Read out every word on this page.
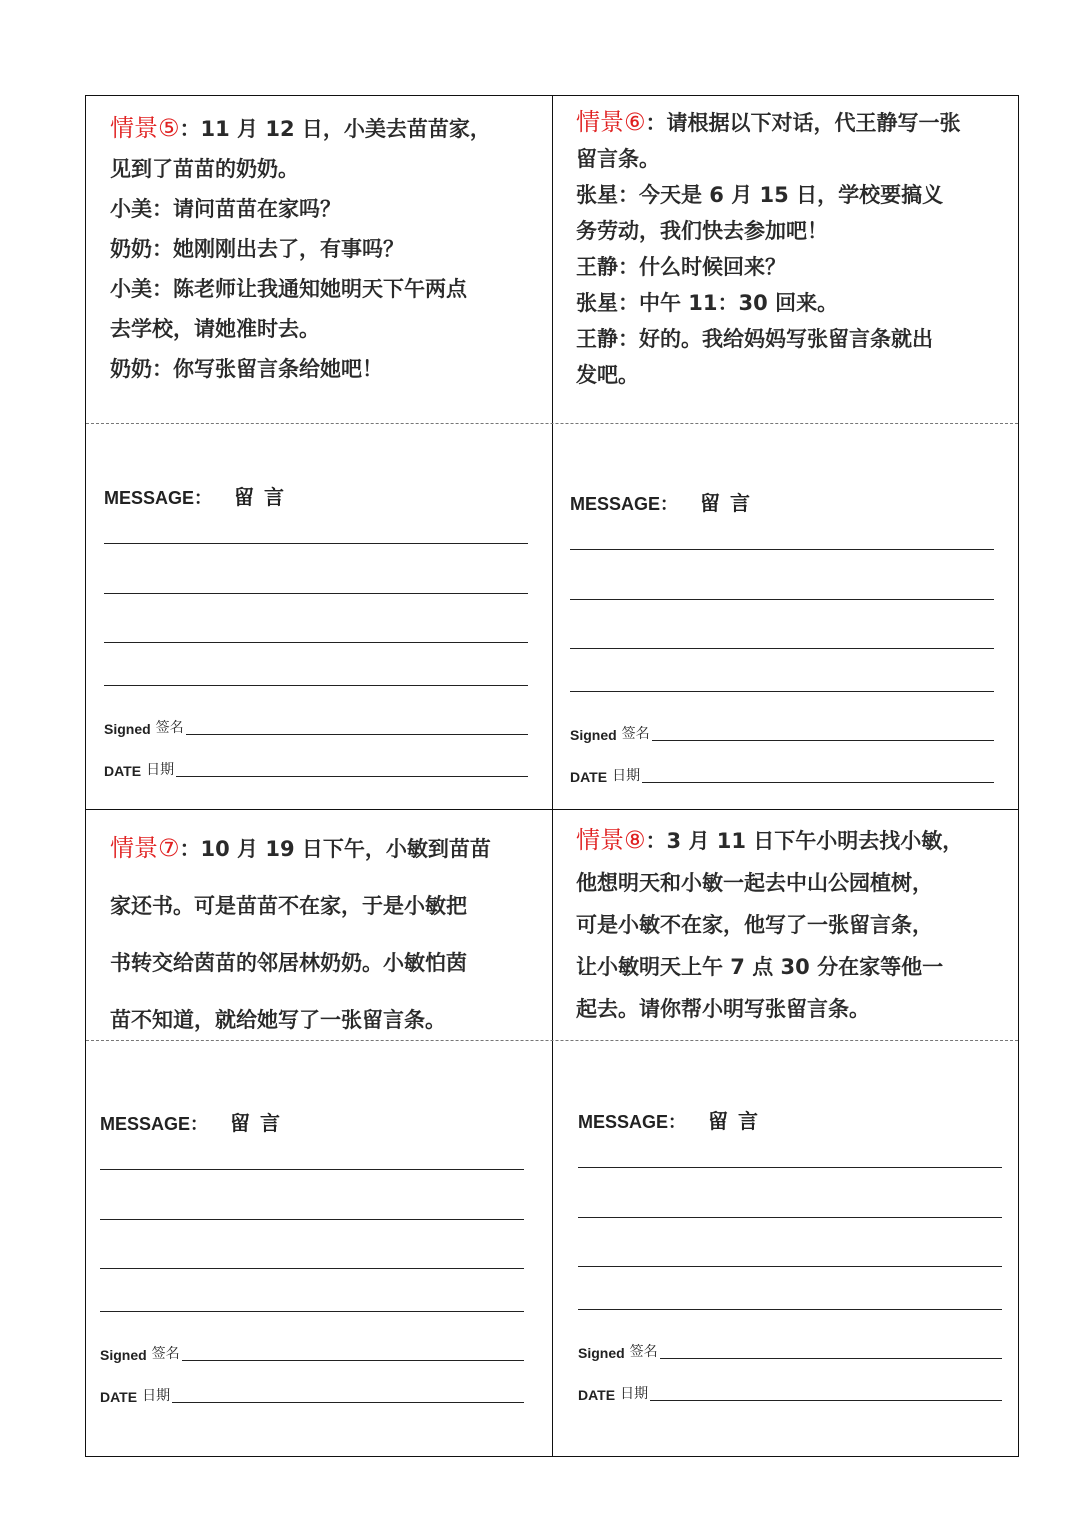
情景⑤：11 月 12 日，小美去苗苗家，

见到了苗苗的奶奶。

小美：请问苗苗在家吗？

奶奶：她刚刚出去了，有事吗？

小美：陈老师让我通知她明天下午两点

去学校，请她准时去。

奶奶：你写张留言条给她吧！

情景⑥：请根据以下对话，代王静写一张

留言条。

张星：今天是 6 月 15 日，学校要搞义

务劳动，我们快去参加吧！

王静：什么时候回来？

张星：中午 11：30 回来。

王静：好的。我给妈妈写张留言条就出

发吧。

情景⑦：10 月 19 日下午，小敏到苗苗

家还书。可是苗苗不在家，于是小敏把

书转交给茵苗的邻居林奶奶。小敏怕茵

苗不知道，就给她写了一张留言条。

情景⑧：3 月 11 日下午小明去找小敏，

他想明天和小敏一起去中山公园植树，

可是小敏不在家，他写了一张留言条，

让小敏明天上午 7 点 30 分在家等他一

起去。请你帮小明写张留言条。

MESSAGE： 留言
Signed 签名
DATE 日期
MESSAGE： 留言
Signed 签名
DATE 日期
MESSAGE： 留言
Signed 签名
DATE 日期
MESSAGE： 留言
Signed 签名
DATE 日期
